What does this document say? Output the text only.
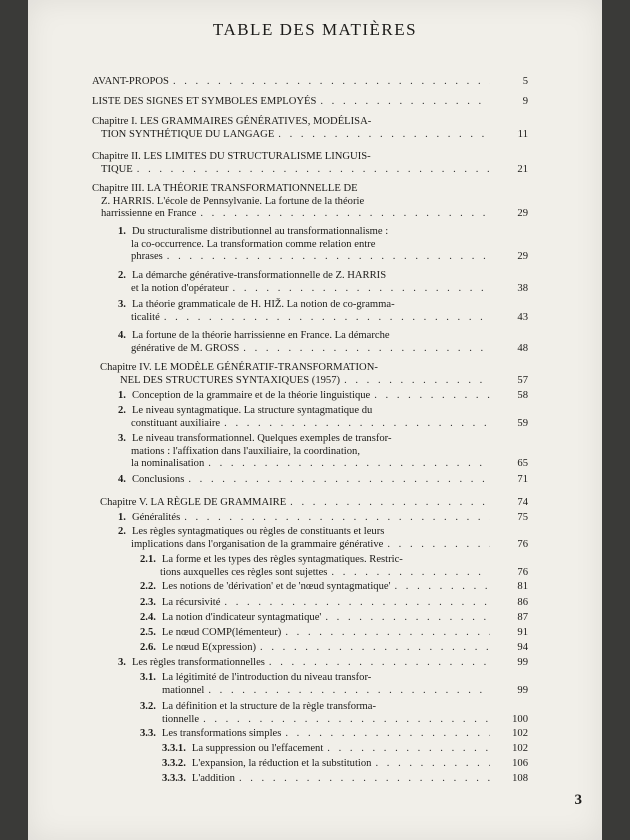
TABLE DES MATIÈRES
AVANT-PROPOS . . .	5
LISTE DES SIGNES ET SYMBOLES EMPLOYÉS . . .	9
Chapitre I. LES GRAMMAIRES GÉNÉRATIVES, MODÉLISA-
TION SYNTHÉTIQUE DU LANGAGE . . .	11
Chapitre II. LES LIMITES DU STRUCTURALISME LINGUIS-
TIQUE . . .	21
Chapitre III. LA THÉORIE TRANSFORMATIONNELLE DE
Z. HARRIS. L'école de Pennsylvanie. La fortune de la théorie
harrissienne en France . . .	29
1. Du structuralisme distributionnel au transformationnalisme :
la co-occurrence. La transformation comme relation entre
phrases . . .	29
2. La démarche générative-transformationnelle de Z. HARRIS
et la notion d'opérateur . . .	38
3. La théorie grammaticale de H. HIŽ. La notion de co-gramma-
ticalité . . .	43
4. La fortune de la théorie harrissienne en France. La démarche
générative de M. GROSS . . .	48
Chapitre IV. LE MODÈLE GÉNÉRATIF-TRANSFORMATION-
NEL DES STRUCTURES SYNTAXIQUES (1957) . . .	57
1. Conception de la grammaire et de la théorie linguistique . . .	58
2. Le niveau syntagmatique. La structure syntagmatique du
constituant auxiliaire . . .	59
3. Le niveau transformationnel. Quelques exemples de transfor-
mations : l'affixation dans l'auxiliaire, la coordination,
la nominalisation . . .	65
4. Conclusions . . .	71
Chapitre V. LA RÈGLE DE GRAMMAIRE . . .	74
1. Généralités . . .	75
2. Les règles syntagmatiques ou règles de constituants et leurs
implications dans l'organisation de la grammaire générative . . .	76
2.1. La forme et les types des règles syntagmatiques. Restric-
tions auxquelles ces règles sont sujettes . . .	76
2.2. Les notions de 'dérivation' et de 'nœud syntagmatique' . . .	81
2.3. La récursivité . . .	86
2.4. La notion d'indicateur syntagmatique' . . .	87
2.5. Le nœud COMP(lémenteur) . . .	91
2.6. Le nœud E(xpression) . . .	94
3. Les règles transformationnelles . . .	99
3.1. La légitimité de l'introduction du niveau transfor-
mationnel . . .	99
3.2. La définition et la structure de la règle transforma-
tionnelle . . .	100
3.3. Les transformations simples . . .	102
3.3.1. La suppression ou l'effacement . . .	102
3.3.2. L'expansion, la réduction et la substitution . . .	106
3.3.3. L'addition . . .	108
3
